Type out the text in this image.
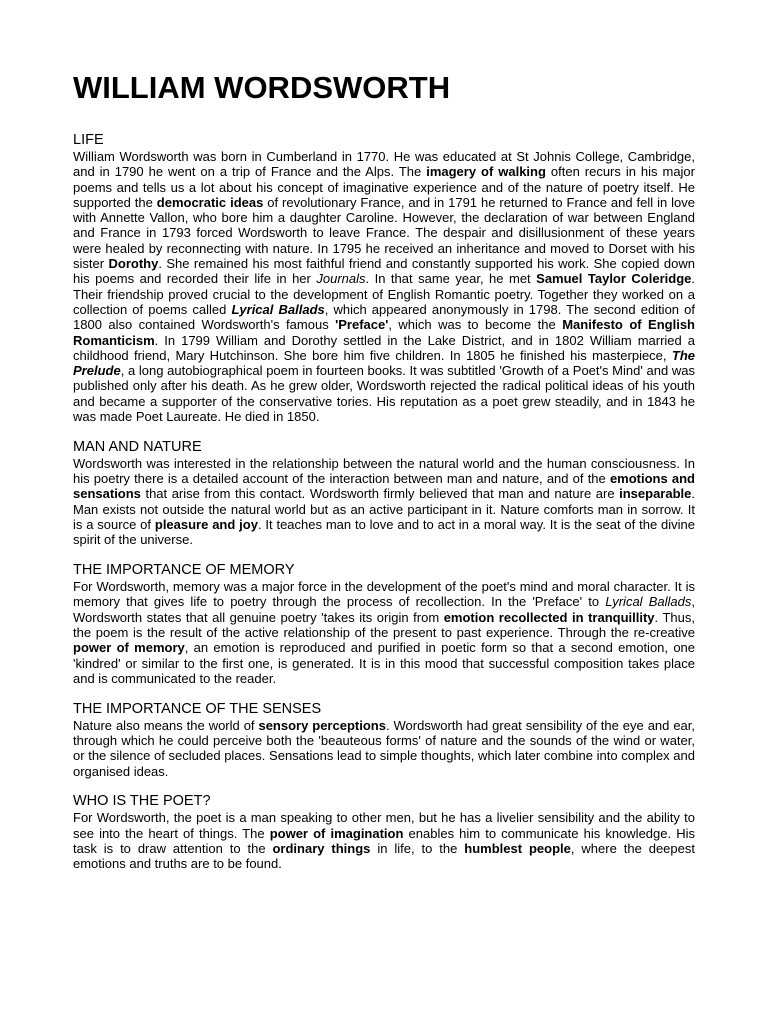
WILLIAM WORDSWORTH
LIFE

William Wordsworth was born in Cumberland in 1770. He was educated at St Johnis College, Cambridge, and in 1790 he went on a trip of France and the Alps. The imagery of walking often recurs in his major poems and tells us a lot about his concept of imaginative experience and of the nature of poetry itself. He supported the democratic ideas of revolutionary France, and in 1791 he returned to France and fell in love with Annette Vallon, who bore him a daughter Caroline. However, the declaration of war between England and France in 1793 forced Wordsworth to leave France. The despair and disillusionment of these years were healed by reconnecting with nature. In 1795 he received an inheritance and moved to Dorset with his sister Dorothy. She remained his most faithful friend and constantly supported his work. She copied down his poems and recorded their life in her Journals. In that same year, he met Samuel Taylor Coleridge. Their friendship proved crucial to the development of English Romantic poetry. Together they worked on a collection of poems called Lyrical Ballads, which appeared anonymously in 1798. The second edition of 1800 also contained Wordsworth's famous 'Preface', which was to become the Manifesto of English Romanticism. In 1799 William and Dorothy settled in the Lake District, and in 1802 William married a childhood friend, Mary Hutchinson. She bore him five children. In 1805 he finished his masterpiece, The Prelude, a long autobiographical poem in fourteen books. It was subtitled 'Growth of a Poet's Mind' and was published only after his death. As he grew older, Wordsworth rejected the radical political ideas of his youth and became a supporter of the conservative tories. His reputation as a poet grew steadily, and in 1843 he was made Poet Laureate. He died in 1850.

MAN AND NATURE

Wordsworth was interested in the relationship between the natural world and the human consciousness. In his poetry there is a detailed account of the interaction between man and nature, and of the emotions and sensations that arise from this contact. Wordsworth firmly believed that man and nature are inseparable. Man exists not outside the natural world but as an active participant in it. Nature comforts man in sorrow. It is a source of pleasure and joy. It teaches man to love and to act in a moral way. It is the seat of the divine spirit of the universe.

THE IMPORTANCE OF MEMORY

For Wordsworth, memory was a major force in the development of the poet's mind and moral character. It is memory that gives life to poetry through the process of recollection. In the 'Preface' to Lyrical Ballads, Wordsworth states that all genuine poetry 'takes its origin from emotion recollected in tranquillity. Thus, the poem is the result of the active relationship of the present to past experience. Through the re-creative power of memory, an emotion is reproduced and purified in poetic form so that a second emotion, one 'kindred' or similar to the first one, is generated. It is in this mood that successful composition takes place and is communicated to the reader.

THE IMPORTANCE OF THE SENSES

Nature also means the world of sensory perceptions. Wordsworth had great sensibility of the eye and ear, through which he could perceive both the 'beauteous forms' of nature and the sounds of the wind or water, or the silence of secluded places. Sensations lead to simple thoughts, which later combine into complex and organised ideas.

WHO IS THE POET?

For Wordsworth, the poet is a man speaking to other men, but he has a livelier sensibility and the ability to see into the heart of things. The power of imagination enables him to communicate his knowledge. His task is to draw attention to the ordinary things in life, to the humblest people, where the deepest emotions and truths are to be found.
